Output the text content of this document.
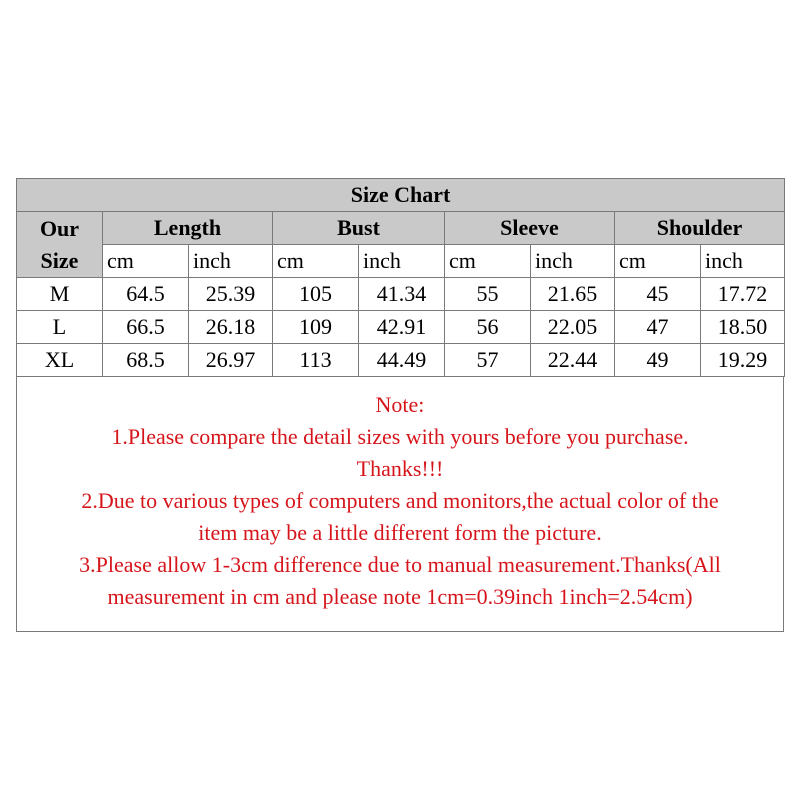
Size Chart								
Our
Size	Length		Bust		Sleeve		Shoulder	
	cm	inch	cm	inch	cm	inch	cm	inch
M	64.5	25.39	105	41.34	55	21.65	45	17.72
L	66.5	26.18	109	42.91	56	22.05	47	18.50
XL	68.5	26.97	113	44.49	57	22.44	49	19.29
Note:
1.Please compare the detail sizes with yours before you purchase.
Thanks!!!
2.Due to various types of computers and monitors,the actual color of the
item may be a little different form the picture.
3.Please allow 1-3cm difference due to manual measurement.Thanks(All
measurement in cm and please note 1cm=0.39inch 1inch=2.54cm)
